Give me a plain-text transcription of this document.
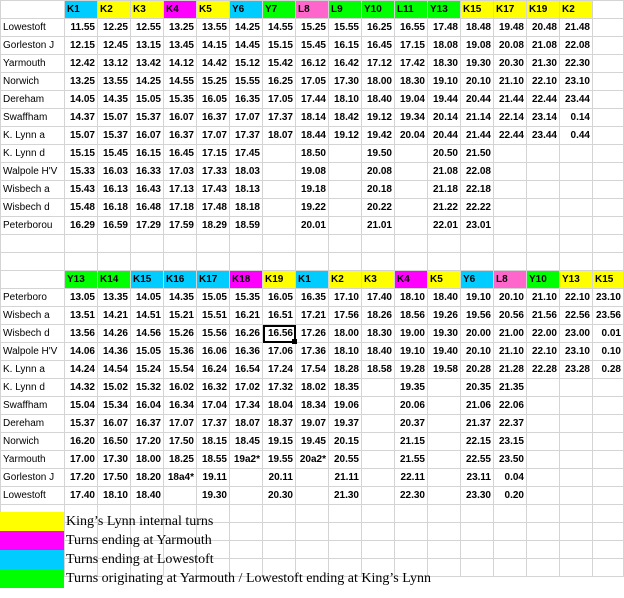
	K1	K2	K3	K4	K5	Y6	Y7	L8	L9	Y10	L11	Y13	K15	K17	K19	K2	
Lowestoft	11.55	12.25	12.55	13.25	13.55	14.25	14.55	15.25	15.55	16.25	16.55	17.48	18.48	19.48	20.48	21.48	
Gorleston J	12.15	12.45	13.15	13.45	14.15	14.45	15.15	15.45	16.15	16.45	17.15	18.08	19.08	20.08	21.08	22.08	
Yarmouth	12.42	13.12	13.42	14.12	14.42	15.12	15.42	16.12	16.42	17.12	17.42	18.30	19.30	20.30	21.30	22.30	
Norwich	13.25	13.55	14.25	14.55	15.25	15.55	16.25	17.05	17.30	18.00	18.30	19.10	20.10	21.10	22.10	23.10	
Dereham	14.05	14.35	15.05	15.35	16.05	16.35	17.05	17.44	18.10	18.40	19.04	19.44	20.44	21.44	22.44	23.44	
Swaffham	14.37	15.07	15.37	16.07	16.37	17.07	17.37	18.14	18.42	19.12	19.34	20.14	21.14	22.14	23.14	0.14	
K. Lynn a	15.07	15.37	16.07	16.37	17.07	17.37	18.07	18.44	19.12	19.42	20.04	20.44	21.44	22.44	23.44	0.44	
K. Lynn d	15.15	15.45	16.15	16.45	17.15	17.45		18.50		19.50		20.50	21.50				
Walpole H'V	15.33	16.03	16.33	17.03	17.33	18.03		19.08		20.08		21.08	22.08				
Wisbech a	15.43	16.13	16.43	17.13	17.43	18.13		19.18		20.18		21.18	22.18				
Wisbech d	15.48	16.18	16.48	17.18	17.48	18.18		19.22		20.22		21.22	22.22				
Peterborou	16.29	16.59	17.29	17.59	18.29	18.59		20.01		21.01		22.01	23.01				

	Y13	K14	K15	K16	K17	K18	K19	K1	K2	K3	K4	K5	Y6	L8	Y10	Y13	K15
Peterboro	13.05	13.35	14.05	14.35	15.05	15.35	16.05	16.35	17.10	17.40	18.10	18.40	19.10	20.10	21.10	22.10	23.10
Wisbech a	13.51	14.21	14.51	15.21	15.51	16.21	16.51	17.21	17.56	18.26	18.56	19.26	19.56	20.56	21.56	22.56	23.56
Wisbech d	13.56	14.26	14.56	15.26	15.56	16.26	16.56	17.26	18.00	18.30	19.00	19.30	20.00	21.00	22.00	23.00	0.01
Walpole H'V	14.06	14.36	15.05	15.36	16.06	16.36	17.06	17.36	18.10	18.40	19.10	19.40	20.10	21.10	22.10	23.10	0.10
K. Lynn a	14.24	14.54	15.24	15.54	16.24	16.54	17.24	17.54	18.28	18.58	19.28	19.58	20.28	21.28	22.28	23.28	0.28
K. Lynn d	14.32	15.02	15.32	16.02	16.32	17.02	17.32	18.02	18.35		19.35		20.35	21.35			
Swaffham	15.04	15.34	16.04	16.34	17.04	17.34	18.04	18.34	19.06		20.06		21.06	22.06			
Dereham	15.37	16.07	16.37	17.07	17.37	18.07	18.37	19.07	19.37		20.37		21.37	22.37			
Norwich	16.20	16.50	17.20	17.50	18.15	18.45	19.15	19.45	20.15		21.15		22.15	23.15			
Yarmouth	17.00	17.30	18.00	18.25	18.55	19a2*	19.55	20a2*	20.55		21.55		22.55	23.50			
Gorleston J	17.20	17.50	18.20	18a4*	19.11		20.11		21.11		22.11		23.11	0.04			
Lowestoft	17.40	18.10	18.40		19.30		20.30		21.30		22.30		23.30	0.20			

King’s Lynn internal turns
Turns ending at Yarmouth
Turns ending at Lowestoft
Turns originating at Yarmouth / Lowestoft ending at King’s Lynn
